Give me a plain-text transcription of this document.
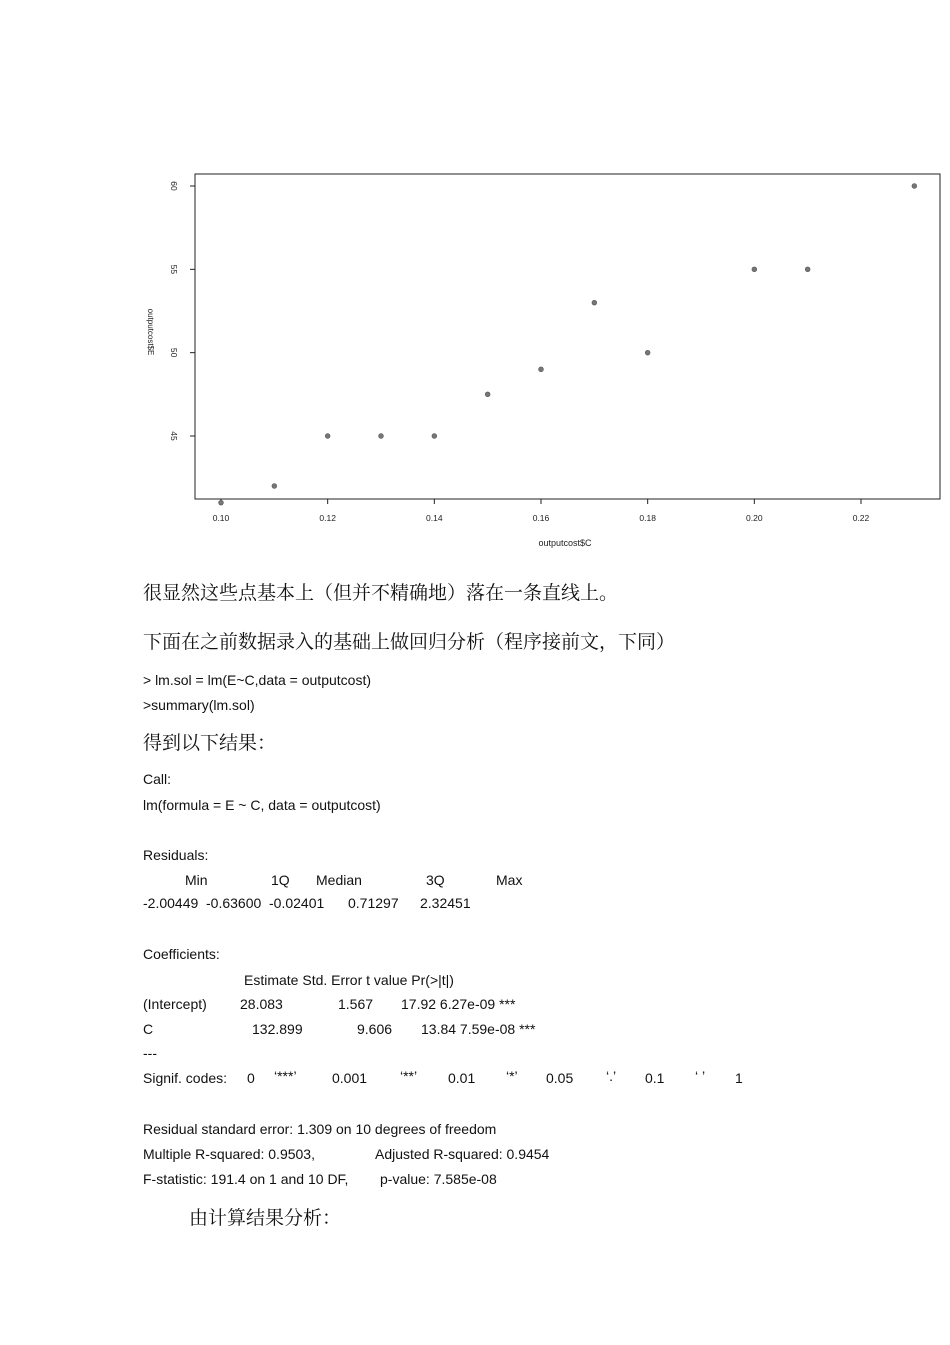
0.10	0.12	0.14	0.16	0.18	0.20	0.22
45
50
55
60
outputcost$C
outputcost$E
很显然这些点基本上（但并不精确地）落在一条直线上。
下面在之前数据录入的基础上做回归分析（程序接前文，下同）
> lm.sol = lm(E~C,data = outputcost)
>summary(lm.sol)
得到以下结果：
Call:
lm(formula = E ~ C, data = outputcost)
Residuals:
Min	1Q Median	3Q	Max
-2.00449 -0.63600 -0.02401 0.71297 2.32451
Coefficients:
Estimate Std. Error t value Pr(>|t|)
(Intercept) 28.083	1.567 17.92 6.27e-09 ***
C	132.899	9.606 13.84 7.59e-08 ***
---
Signif. codes: 0 ‘***’	0.001 ‘**’ 0.01 ‘*’ 0.05 ‘.’ 0.1 ‘ ’ 1
Residual standard error: 1.309 on 10 degrees of freedom
Multiple R-squared: 0.9503,	Adjusted R-squared: 0.9454
F-statistic: 191.4 on 1 and 10 DF, p-value: 7.585e-08
由计算结果分析：
